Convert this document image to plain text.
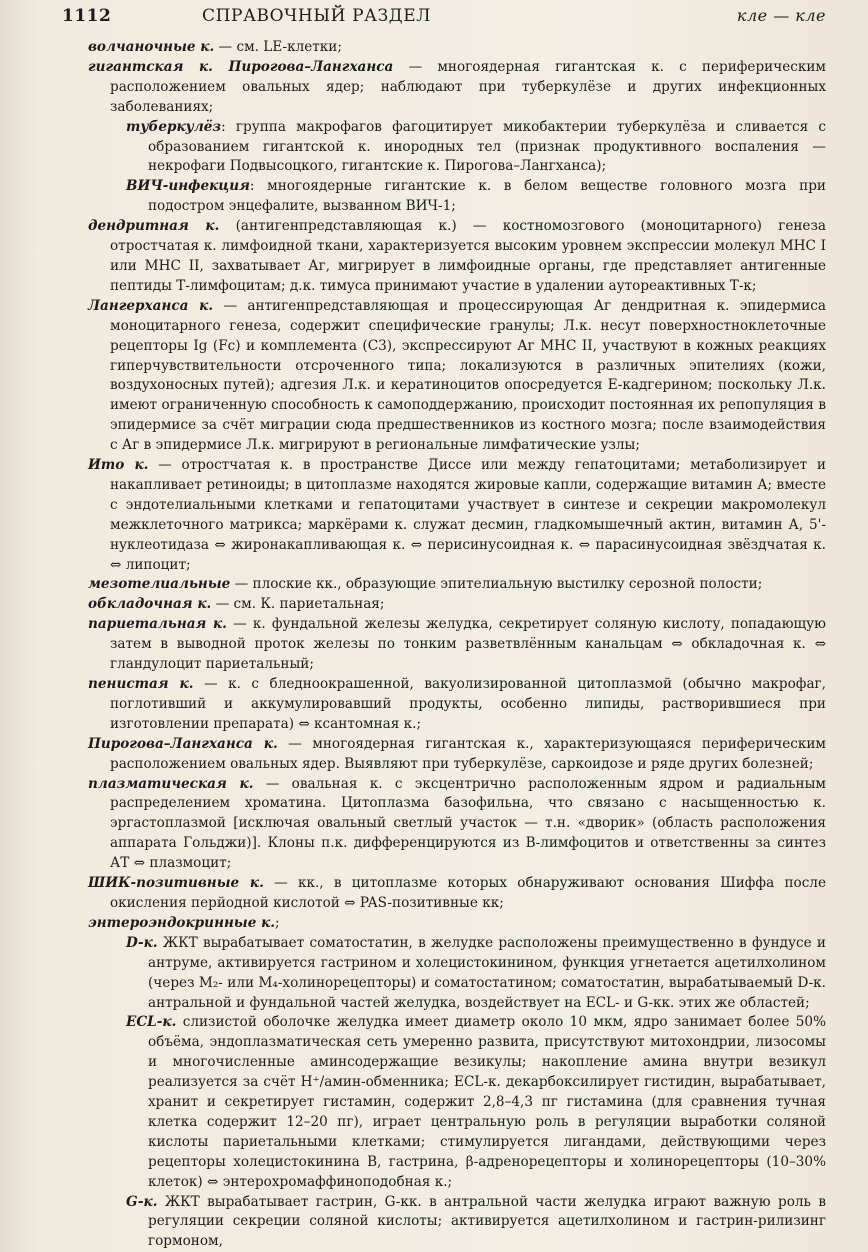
1112	СПРАВОЧНЫЙ РАЗДЕЛ	кле — кле

волчаночные к. — см. LE-клетки;

гигантская к. Пирогова–Лангханса — многоядерная гигантская к. с периферическим расположением овальных ядер; наблюдают при туберкулёзе и других инфекционных заболеваниях;

туберкулёз: группа макрофагов фагоцитирует микобактерии туберкулёза и сливается с образованием гигантской к. инородных тел (признак продуктивного воспаления — некрофаги Подвысоцкого, гигантские к. Пирогова–Лангханса);

ВИЧ-инфекция: многоядерные гигантские к. в белом веществе головного мозга при подостром энцефалите, вызванном ВИЧ-1;

дендритная к. (антигенпредставляющая к.) — костномозгового (моноцитарного) генеза отростчатая к. лимфоидной ткани, характеризуется высоким уровнем экспрессии молекул MHC I или MHC II, захватывает Аг, мигрирует в лимфоидные органы, где представляет антигенные пептиды Т-лимфоцитам; д.к. тимуса принимают участие в удалении аутореактивных Т-к;

Лангерханса к. — антигенпредставляющая и процессирующая Аг дендритная к. эпидермиса моноцитарного генеза, содержит специфические гранулы; Л.к. несут поверхностноклеточные рецепторы Ig (Fc) и комплемента (C3), экспрессируют Аг MHC II, участвуют в кожных реакциях гиперчувствительности отсроченного типа; локализуются в различных эпителиях (кожи, воздухоносных путей); адгезия Л.к. и кератиноцитов опосредуется Е-кадгерином; поскольку Л.к. имеют ограниченную способность к самоподдержанию, происходит постоянная их репопуляция в эпидермисе за счёт миграции сюда предшественников из костного мозга; после взаимодействия с Аг в эпидермисе Л.к. мигрируют в региональные лимфатические узлы;

Ито к. — отростчатая к. в пространстве Диссе или между гепатоцитами; метаболизирует и накапливает ретиноиды; в цитоплазме находятся жировые капли, содержащие витамин А; вместе с эндотелиальными клетками и гепатоцитами участвует в синтезе и секреции макромолекул межклеточного матрикса; маркёрами к. служат десмин, гладкомышечный актин, витамин А, 5'-нуклеотидаза ⇔ жиронакапливающая к. ⇔ перисинусоидная к. ⇔ парасинусоидная звёздчатая к. ⇔ липоцит;

мезотелиальные — плоские кк., образующие эпителиальную выстилку серозной полости;

обкладочная к. — см. К. париетальная;

париетальная к. — к. фундальной железы желудка, секретирует соляную кислоту, попадающую затем в выводной проток железы по тонким разветвлённым канальцам ⇔ обкладочная к. ⇔ гландулоцит париетальный;

пенистая к. — к. с бледноокрашенной, вакуолизированной цитоплазмой (обычно макрофаг, поглотивший и аккумулировавший продукты, особенно липиды, растворившиеся при изготовлении препарата) ⇔ ксантомная к.;

Пирогова–Лангханса к. — многоядерная гигантская к., характеризующаяся периферическим расположением овальных ядер. Выявляют при туберкулёзе, саркоидозе и ряде других болезней;

плазматическая к. — овальная к. с эксцентрично расположенным ядром и радиальным распределением хроматина. Цитоплазма базофильна, что связано с насыщенностью к. эргастоплазмой [исключая овальный светлый участок — т.н. «дворик» (область расположения аппарата Гольджи)]. Клоны п.к. дифференцируются из В-лимфоцитов и ответственны за синтез АТ ⇔ плазмоцит;

ШИК-позитивные к. — кк., в цитоплазме которых обнаруживают основания Шиффа после окисления перйодной кислотой ⇔ PAS-позитивные кк;

энтероэндокринные к.;

D-к. ЖКТ вырабатывает соматостатин, в желудке расположены преимущественно в фундусе и антруме, активируется гастрином и холецистокинином, функция угнетается ацетилхолином (через M₂- или M₄-холинорецепторы) и соматостатином; соматостатин, вырабатываемый D-к. антральной и фундальной частей желудка, воздействует на ECL- и G-кк. этих же областей;

ECL-к. слизистой оболочке желудка имеет диаметр около 10 мкм, ядро занимает более 50% объёма, эндоплазматическая сеть умеренно развита, присутствуют митохондрии, лизосомы и многочисленные аминсодержащие везикулы; накопление амина внутри везикул реализуется за счёт H⁺/амин-обменника; ECL-к. декарбоксилирует гистидин, вырабатывает, хранит и секретирует гистамин, содержит 2,8–4,3 пг гистамина (для сравнения тучная клетка содержит 12–20 пг), играет центральную роль в регуляции выработки соляной кислоты париетальными клетками; стимулируется лигандами, действующими через рецепторы холецистокинина B, гастрина, β-адренорецепторы и холинорецепторы (10–30% клеток) ⇔ энтерохромаффиноподобная к.;

G-к. ЖКТ вырабатывает гастрин, G-кк. в антральной части желудка играют важную роль в регуляции секреции соляной кислоты; активируется ацетилхолином и гастрин-рилизинг гормоном,
